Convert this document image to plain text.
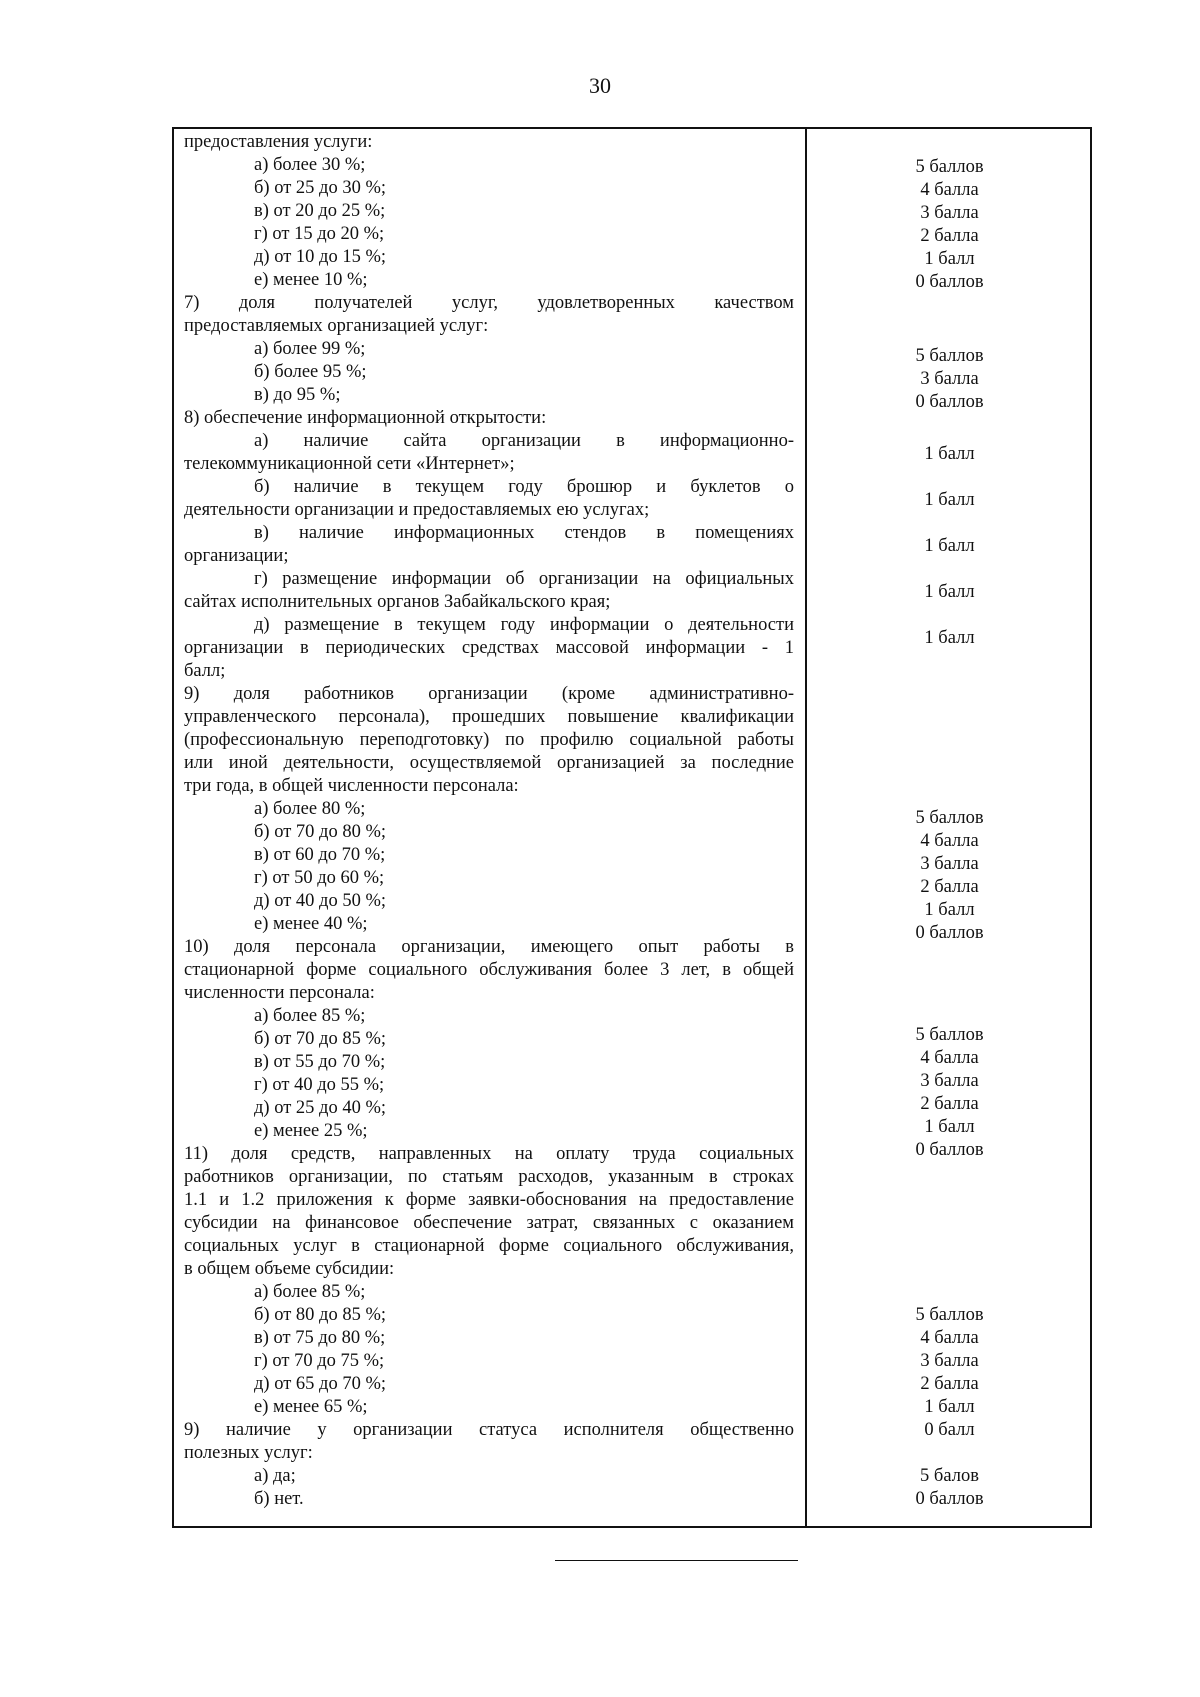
30
предоставления услуги:
а) более 30 %;
б) от 25 до 30 %;
в) от 20 до 25 %;
г) от 15 до 20 %;
д) от 10 до 15 %;
е) менее 10 %;
7) доля получателей услуг, удовлетворенных качеством
предоставляемых организацией услуг:
а) более 99 %;
б) более 95 %;
в) до 95 %;
8) обеспечение информационной открытости:
а) наличие сайта организации в информационно-
телекоммуникационной сети «Интернет»;
б) наличие в текущем году брошюр и буклетов о
деятельности организации и предоставляемых ею услугах;
в) наличие информационных стендов в помещениях
организации;
г) размещение информации об организации на официальных
сайтах исполнительных органов Забайкальского края;
д) размещение в текущем году информации о деятельности
организации в периодических средствах массовой информации - 1
балл;
9) доля работников организации (кроме административно-
управленческого персонала), прошедших повышение квалификации
(профессиональную переподготовку) по профилю социальной работы
или иной деятельности, осуществляемой организацией за последние
три года, в общей численности персонала:
а) более 80 %;
б) от 70 до 80 %;
в) от 60 до 70 %;
г) от 50 до 60 %;
д) от 40 до 50 %;
е) менее 40 %;
10) доля персонала организации, имеющего опыт работы в
стационарной форме социального обслуживания более 3 лет, в общей
численности персонала:
а) более 85 %;
б) от 70 до 85 %;
в) от 55 до 70 %;
г) от 40 до 55 %;
д) от 25 до 40 %;
е) менее 25 %;
11) доля средств, направленных на оплату труда социальных
работников организации, по статьям расходов, указанным в строках
1.1 и 1.2 приложения к форме заявки-обоснования на предоставление
субсидии на финансовое обеспечение затрат, связанных с оказанием
социальных услуг в стационарной форме социального обслуживания,
в общем объеме субсидии:
а) более 85 %;
б) от 80 до 85 %;
в) от 75 до 80 %;
г) от 70 до 75 %;
д) от 65 до 70 %;
е) менее 65 %;
9) наличие у организации статуса исполнителя общественно
полезных услуг:
а) да;
б) нет.
5 баллов
4 балла
3 балла
2 балла
1 балл
0 баллов
5 баллов
3 балла
0 баллов
1 балл
1 балл
1 балл
1 балл
1 балл
5 баллов
4 балла
3 балла
2 балла
1 балл
0 баллов
5 баллов
4 балла
3 балла
2 балла
1 балл
0 баллов
5 баллов
4 балла
3 балла
2 балла
1 балл
0 балл
5 балов
0 баллов
